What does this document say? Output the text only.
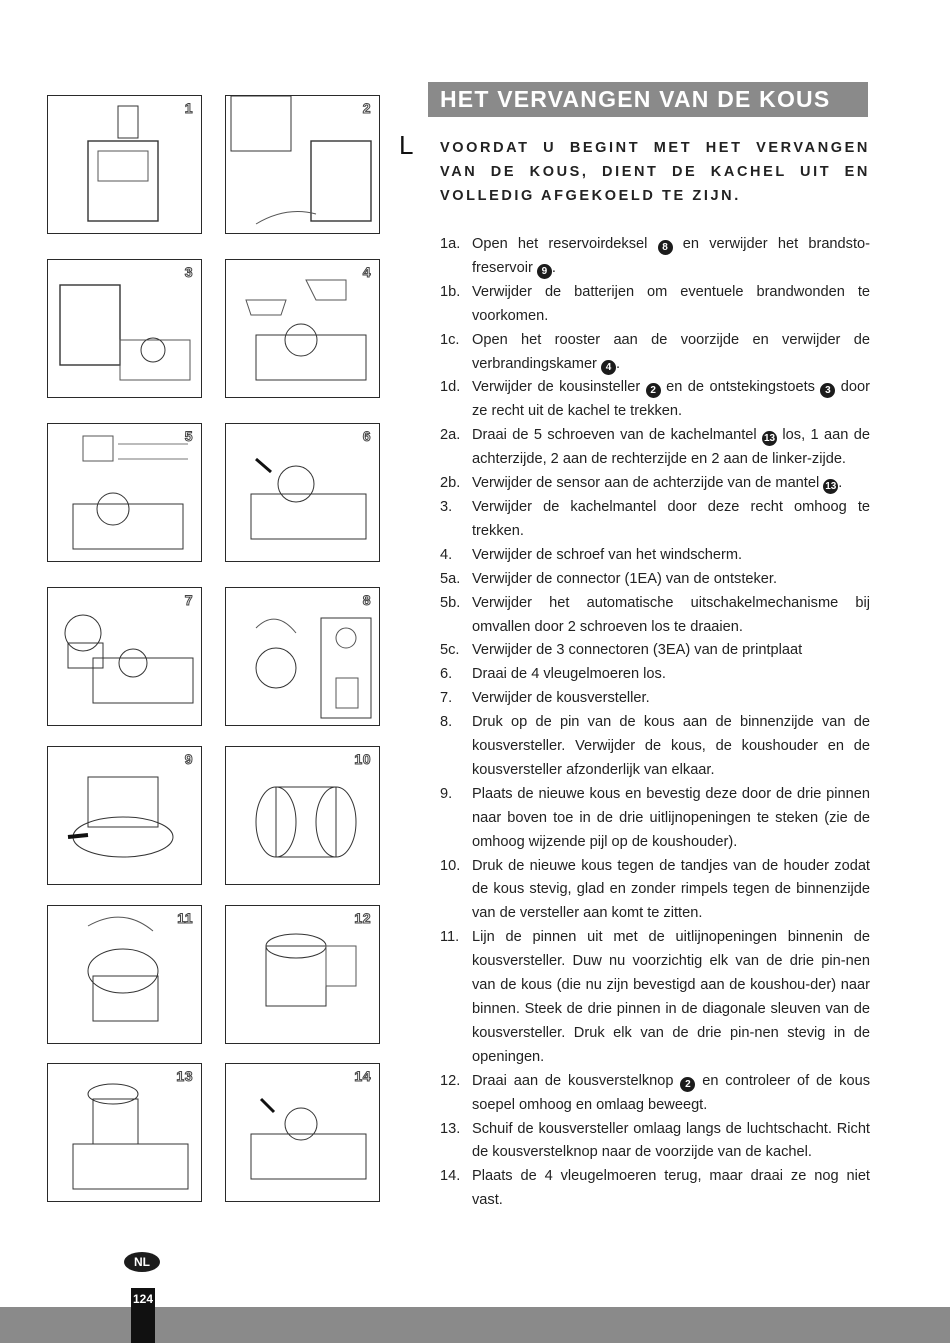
1	2
3	4
5	6
7	8
9	10
11	12
13	14
HET VERVANGEN VAN DE KOUS
L VOORDAT U BEGINT MET HET VERVANGEN VAN DE KOUS, DIENT DE KACHEL UIT EN VOLLEDIG AFGEKOELD TE ZIJN.
1a. Open het reservoirdeksel 8 en verwijder het brandsto-freservoir 9 .
1b. Verwijder de batterijen om eventuele brandwonden te voorkomen.
1c. Open het rooster aan de voorzijde en verwijder de verbrandingskamer 4 .
1d. Verwijder de kousinsteller 2 en de ontstekingstoets 3 door ze recht uit de kachel te trekken.
2a. Draai de 5 schroeven van de kachelmantel 13 los, 1 aan de achterzijde, 2 aan de rechterzijde en 2 aan de linker-zijde.
2b. Verwijder de sensor aan de achterzijde van de mantel 13 .
3. Verwijder de kachelmantel door deze recht omhoog te trekken.
4. Verwijder de schroef van het windscherm.
5a. Verwijder de connector (1EA) van de ontsteker.
5b. Verwijder het automatische uitschakelmechanisme bij omvallen door 2 schroeven los te draaien.
5c. Verwijder de 3 connectoren (3EA) van de printplaat
6. Draai de 4 vleugelmoeren los.
7. Verwijder de kousversteller.
8. Druk op de pin van de kous aan de binnenzijde van de kousversteller. Verwijder de kous, de koushouder en de kousversteller afzonderlijk van elkaar.
9. Plaats de nieuwe kous en bevestig deze door de drie pinnen naar boven toe in de drie uitlijnopeningen te steken (zie de omhoog wijzende pijl op de koushouder).
10. Druk de nieuwe kous tegen de tandjes van de houder zodat de kous stevig, glad en zonder rimpels tegen de binnenzijde van de versteller aan komt te zitten.
11. Lijn de pinnen uit met de uitlijnopeningen binnenin de kousversteller. Duw nu voorzichtig elk van de drie pin-nen van de kous (die nu zijn bevestigd aan de koushou-der) naar binnen. Steek de drie pinnen in de diagonale sleuven van de kousversteller. Druk elk van de drie pin-nen stevig in de openingen.
12. Draai aan de kousverstelknop 2 en controleer of de kous soepel omhoog en omlaag beweegt.
13. Schuif de kousversteller omlaag langs de luchtschacht. Richt de kousverstelknop naar de voorzijde van de kachel.
14. Plaats de 4 vleugelmoeren terug, maar draai ze nog niet vast.
NL
124
